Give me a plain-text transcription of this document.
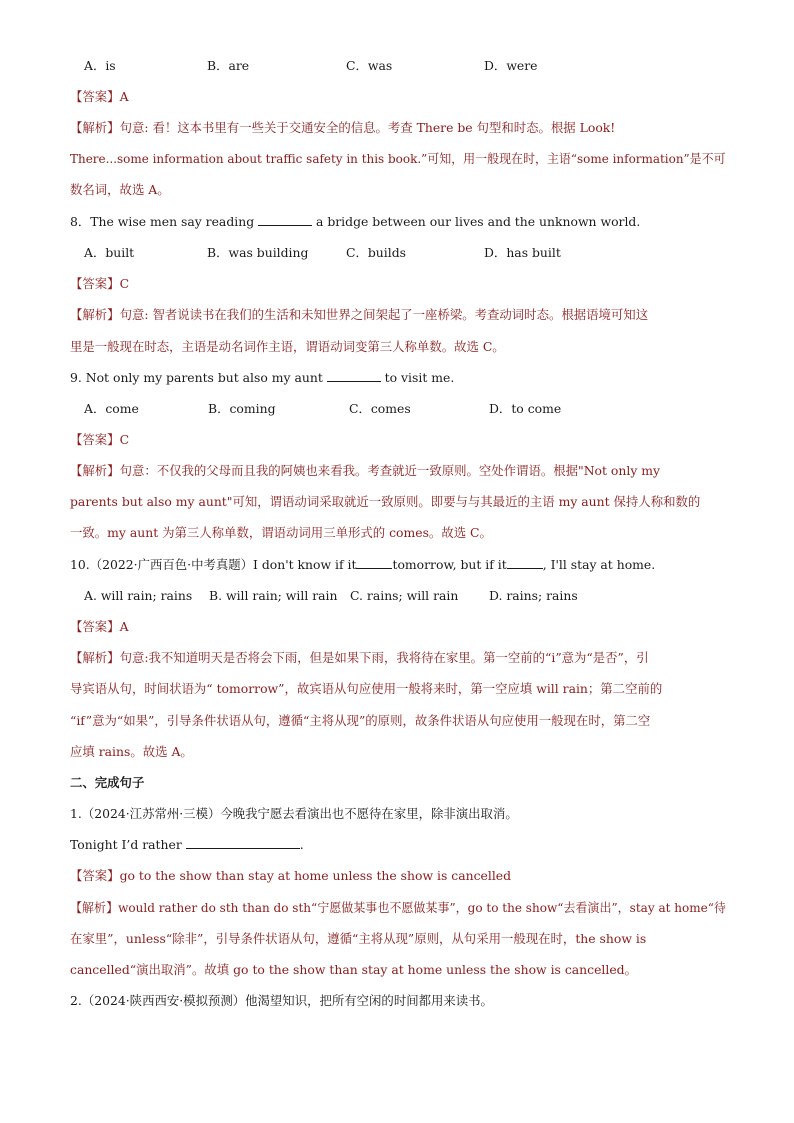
A．is	B．are	C．was	D．were
【答案】A
【解析】句意: 看！这本书里有一些关于交通安全的信息。考查 There be 句型和时态。根据 Look!
There...some information about traffic safety in this book.”可知，用一般现在时，主语“some information”是不可
数名词，故选 A。
8．The wise men say reading	a bridge between our lives and the unknown world.
A．built	B．was building	C．builds	D．has built
【答案】C
【解析】句意: 智者说读书在我们的生活和未知世界之间架起了一座桥梁。考查动词时态。根据语境可知这
里是一般现在时态，主语是动名词作主语，谓语动词变第三人称单数。故选 C。
9. Not only my parents but also my aunt	to visit me.
A．come	B．coming	C．comes	D．to come
【答案】C
【解析】句意：不仅我的父母而且我的阿姨也来看我。考查就近一致原则。空处作谓语。根据"Not only my
parents but also my aunt"可知，谓语动词采取就近一致原则。即要与与其最近的主语 my aunt 保持人称和数的
一致。my aunt 为第三人称单数，谓语动词用三单形式的 comes。故选 C。
10.（2022·广西百色·中考真题）I don't know if it	tomorrow, but if it	, I'll stay at home.
A. will rain; rains B. will rain; will rain C. rains; will rain D. rains; rains
【答案】A
【解析】句意:我不知道明天是否将会下雨，但是如果下雨，我将待在家里。第一空前的“i”意为“是否”，引
导宾语从句，时间状语为“ tomorrow”，故宾语从句应使用一般将来时，第一空应填 will rain；第二空前的
“if”意为“如果”，引导条件状语从句，遵循“主将从现”的原则，故条件状语从句应使用一般现在时，第二空
应填 rains。故选 A。
二、完成句子
1.（2024·江苏常州·三模）今晚我宁愿去看演出也不愿待在家里，除非演出取消。
Tonight I’d rather	.
【答案】go to the show than stay at home unless the show is cancelled
【解析】would rather do sth than do sth“宁愿做某事也不愿做某事”，go to the show“去看演出”，stay at home“待
在家里”，unless“除非”，引导条件状语从句，遵循“主将从现”原则，从句采用一般现在时，the show is
cancelled“演出取消”。故填 go to the show than stay at home unless the show is cancelled。
2.（2024·陕西西安·模拟预测）他渴望知识，把所有空闲的时间都用来读书。
